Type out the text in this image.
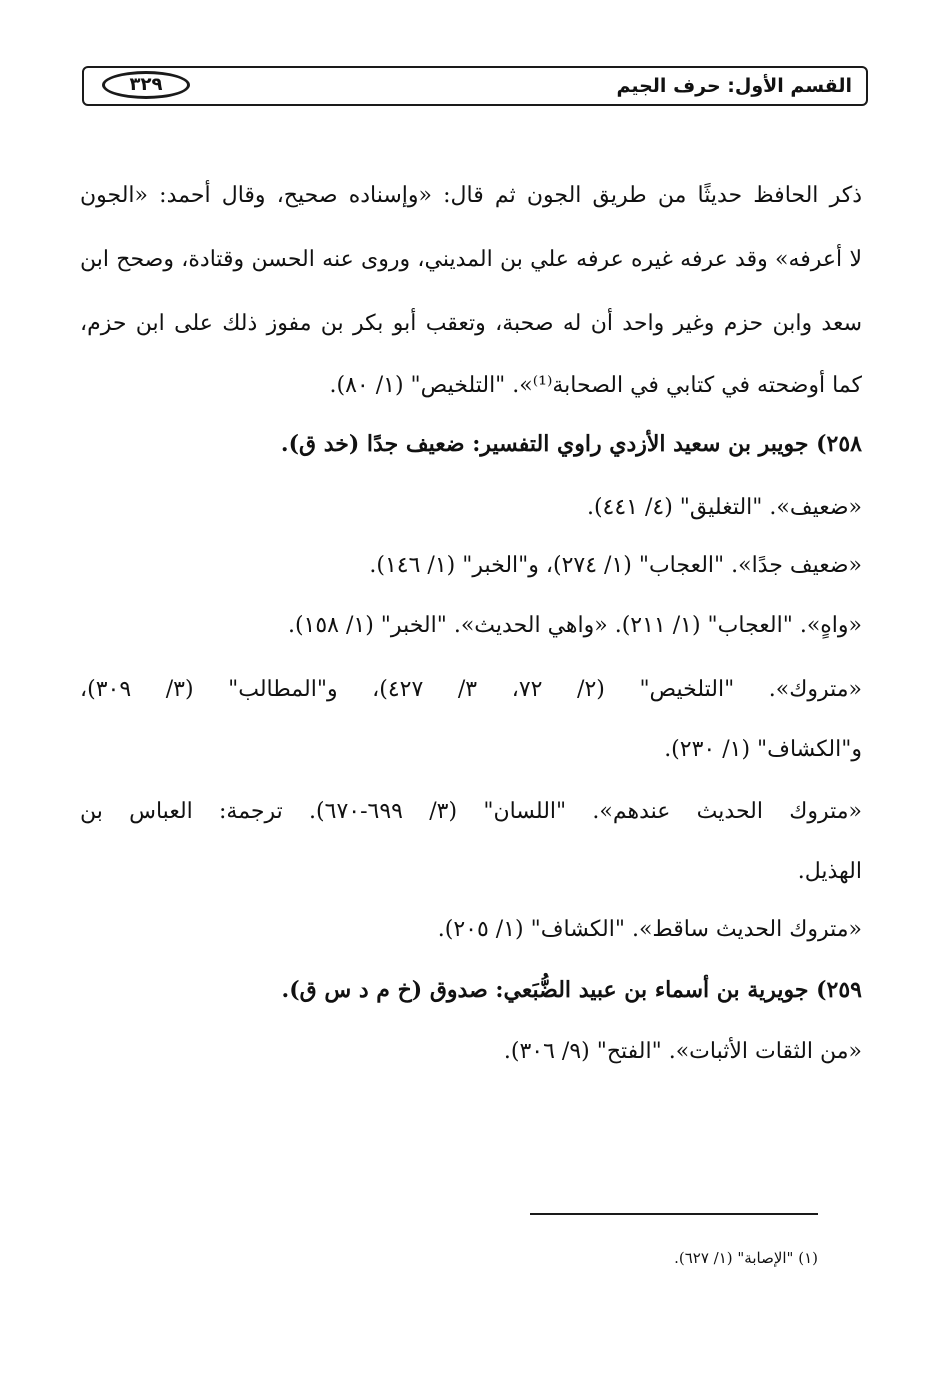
القسم الأول: حرف الجيم
٣٢٩
ذكر الحافظ حديثًا من طريق الجون ثم قال: «وإسناده صحيح، وقال أحمد: «الجون
لا أعرفه» وقد عرفه غيره عرفه علي بن المديني، وروى عنه الحسن وقتادة، وصحح ابن
سعد وابن حزم وغير واحد أن له صحبة، وتعقب أبو بكر بن مفوز ذلك على ابن حزم،
كما أوضحته في كتابي في الصحابة⁽¹⁾». "التلخيص" (١/ ٨٠).
٢٥٨) جويبر بن سعيد الأزدي راوي التفسير: ضعيف جدًا (خد ق).
«ضعيف». "التغليق" (٤/ ٤٤١).
«ضعيف جدًا». "العجاب" (١/ ٢٧٤)، و"الخبر" (١/ ١٤٦).
«واهٍ». "العجاب" (١/ ٢١١). «واهي الحديث». "الخبر" (١/ ١٥٨).
«متروك». "التلخيص" (٢/ ٧٢، ٣/ ٤٢٧)، و"المطالب" (٣/ ٣٠٩)،
و"الكشاف" (١/ ٢٣٠).
«متروك الحديث عندهم». "اللسان" (٣/ ٦٩٩-٦٧٠). ترجمة: العباس بن
الهذيل.
«متروك الحديث ساقط». "الكشاف" (١/ ٢٠٥).
٢٥٩) جويرية بن أسماء بن عبيد الضُّبَعي: صدوق (خ م د س ق).
«من الثقات الأثبات». "الفتح" (٩/ ٣٠٦).
(١) "الإصابة" (١/ ٦٢٧).
